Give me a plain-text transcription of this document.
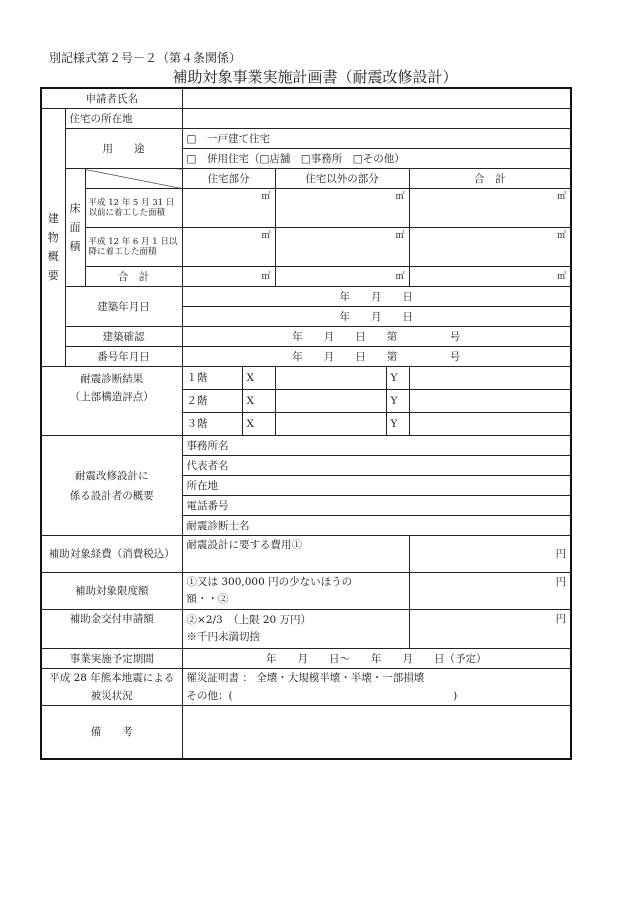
別記様式第２号－２（第４条関係）
補助対象事業実施計画書（耐震改修設計）
申請者氏名							

建
物
概
要	住宅の所在地						
	用　　途		□　一戸建て住宅				
			□　併用住宅（□店舗　□事務所　□その他）				

	床
面
積		住宅部分		住宅以外の部分		合　計
		平成 12 年 5 月 31 日以前に着工した面積	㎡		㎡		㎡
		平成 12 年 6 月 1 日以降に着工した面積	㎡		㎡		㎡
		合　計	㎡		㎡		㎡
	建築年月日		年　　月　　日				
			年　　月　　日				
	建築確認		年　　月　　日　　第　　　　　号				
	番号年月日		年　　月　　日　　第　　　　　号				

耐震診断結果
（上部構造評点）			１階	X		Y	
			２階	X		Y	
			３階	X		Y	

耐震改修設計に
係る設計者の概要			事務所名				
			代表者名				
			所在地				
			電話番号				
			耐震診断士名				
補助対象経費（消費税込）			耐震設計に要する費用①				円
補助対象限度額			①又は 300,000 円の少ないほうの
額・・②				円
補助金交付申請額			②×2/3　（上限 20 万円）
※千円未満切捨				円
事業実施予定期間			年　　月　　日～　　年　　月　　日（予定）				
平成 28 年熊本地震による被災状況			罹災証明書 ： 全壊・大規模半壊・半壊・一部損壊
その他：(　　　　　　　　　　　　　　　　　　　　　)				

備　　考							
